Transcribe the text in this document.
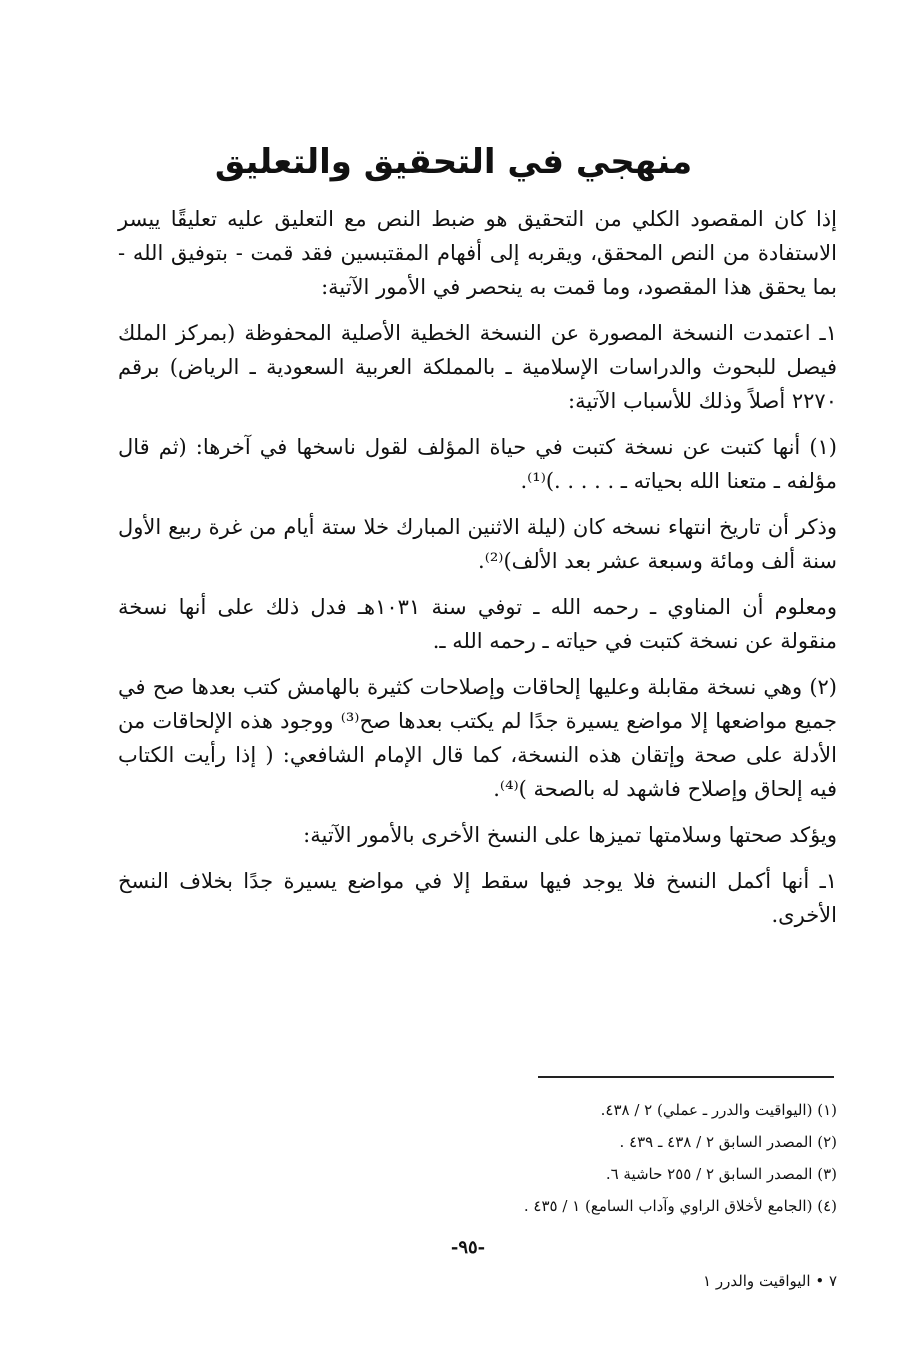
منهجي في التحقيق والتعليق

إذا كان المقصود الكلي من التحقيق هو ضبط النص مع التعليق عليه تعليقًا ييسر الاستفادة من النص المحقق، ويقربه إلى أفهام المقتبسين فقد قمت - بتوفيق الله - بما يحقق هذا المقصود، وما قمت به ينحصر في الأمور الآتية:

١ـ اعتمدت النسخة المصورة عن النسخة الخطية الأصلية المحفوظة (بمركز الملك فيصل للبحوث والدراسات الإسلامية ـ بالمملكة العربية السعودية ـ الرياض) برقم ٢٢٧٠ أصلاً وذلك للأسباب الآتية:

(١) أنها كتبت عن نسخة كتبت في حياة المؤلف لقول ناسخها في آخرها: (ثم قال مؤلفه ـ متعنا الله بحياته ـ . . . . .)⁽¹⁾.

وذكر أن تاريخ انتهاء نسخه كان (ليلة الاثنين المبارك خلا ستة أيام من غرة ربيع الأول سنة ألف ومائة وسبعة عشر بعد الألف)⁽²⁾.

ومعلوم أن المناوي ـ رحمه الله ـ توفي سنة ١٠٣١هـ فدل ذلك على أنها نسخة منقولة عن نسخة كتبت في حياته ـ رحمه الله ـ.

(٢) وهي نسخة مقابلة وعليها إلحاقات وإصلاحات كثيرة بالهامش كتب بعدها صح في جميع مواضعها إلا مواضع يسيرة جدًا لم يكتب بعدها صح⁽³⁾ ووجود هذه الإلحاقات من الأدلة على صحة وإتقان هذه النسخة، كما قال الإمام الشافعي: ( إذا رأيت الكتاب فيه إلحاق وإصلاح فاشهد له بالصحة )⁽⁴⁾.

ويؤكد صحتها وسلامتها تميزها على النسخ الأخرى بالأمور الآتية:

١ـ أنها أكمل النسخ فلا يوجد فيها سقط إلا في مواضع يسيرة جدًا بخلاف النسخ الأخرى.

(١) (اليواقيت والدرر ـ عملي) ٢ / ٤٣٨.
(٢) المصدر السابق ٢ / ٤٣٨ ـ ٤٣٩ .
(٣) المصدر السابق ٢ / ٢٥٥ حاشية ٦.
(٤) (الجامع لأخلاق الراوي وآداب السامع) ١ / ٤٣٥ .
-٩٥-
٧ • اليواقيت والدرر ١
